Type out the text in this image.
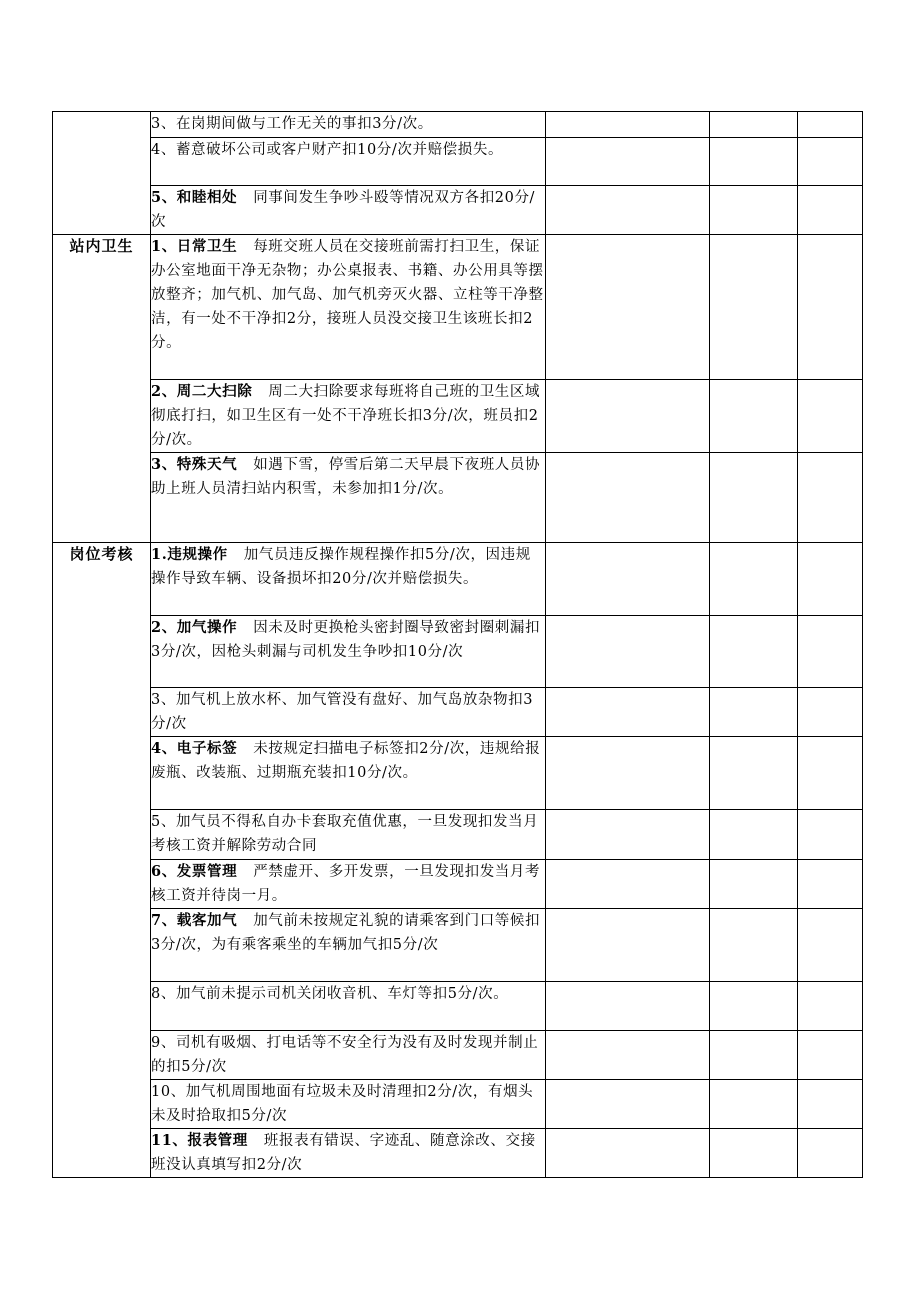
	3、在岗期间做与工作无关的事扣3分/次。			
	4、蓄意破坏公司或客户财产扣10分/次并赔偿损失。			
	5、和睦相处 同事间发生争吵斗殴等情况双方各扣20分/次			
站内卫生	1、日常卫生 每班交班人员在交接班前需打扫卫生，保证办公室地面干净无杂物；办公桌报表、书籍、办公用具等摆放整齐；加气机、加气岛、加气机旁灭火器、立柱等干净整洁，有一处不干净扣2分，接班人员没交接卫生该班长扣2分。			
	2、周二大扫除 周二大扫除要求每班将自己班的卫生区域彻底打扫，如卫生区有一处不干净班长扣3分/次，班员扣2分/次。			
	3、特殊天气 如遇下雪，停雪后第二天早晨下夜班人员协助上班人员清扫站内积雪，未参加扣1分/次。			
岗位考核	1.违规操作 加气员违反操作规程操作扣5分/次，因违规操作导致车辆、设备损坏扣20分/次并赔偿损失。			
	2、加气操作 因未及时更换枪头密封圈导致密封圈刺漏扣3分/次，因枪头刺漏与司机发生争吵扣10分/次			
	3、加气机上放水杯、加气管没有盘好、加气岛放杂物扣3分/次			
	4、电子标签 未按规定扫描电子标签扣2分/次，违规给报废瓶、改装瓶、过期瓶充装扣10分/次。			
	5、加气员不得私自办卡套取充值优惠，一旦发现扣发当月考核工资并解除劳动合同			
	6、发票管理 严禁虚开、多开发票，一旦发现扣发当月考核工资并待岗一月。			
	7、载客加气 加气前未按规定礼貌的请乘客到门口等候扣3分/次，为有乘客乘坐的车辆加气扣5分/次			
	8、加气前未提示司机关闭收音机、车灯等扣5分/次。			
	9、司机有吸烟、打电话等不安全行为没有及时发现并制止的扣5分/次			
	10、加气机周围地面有垃圾未及时清理扣2分/次，有烟头未及时拾取扣5分/次			
	11、报表管理 班报表有错误、字迹乱、随意涂改、交接班没认真填写扣2分/次			
